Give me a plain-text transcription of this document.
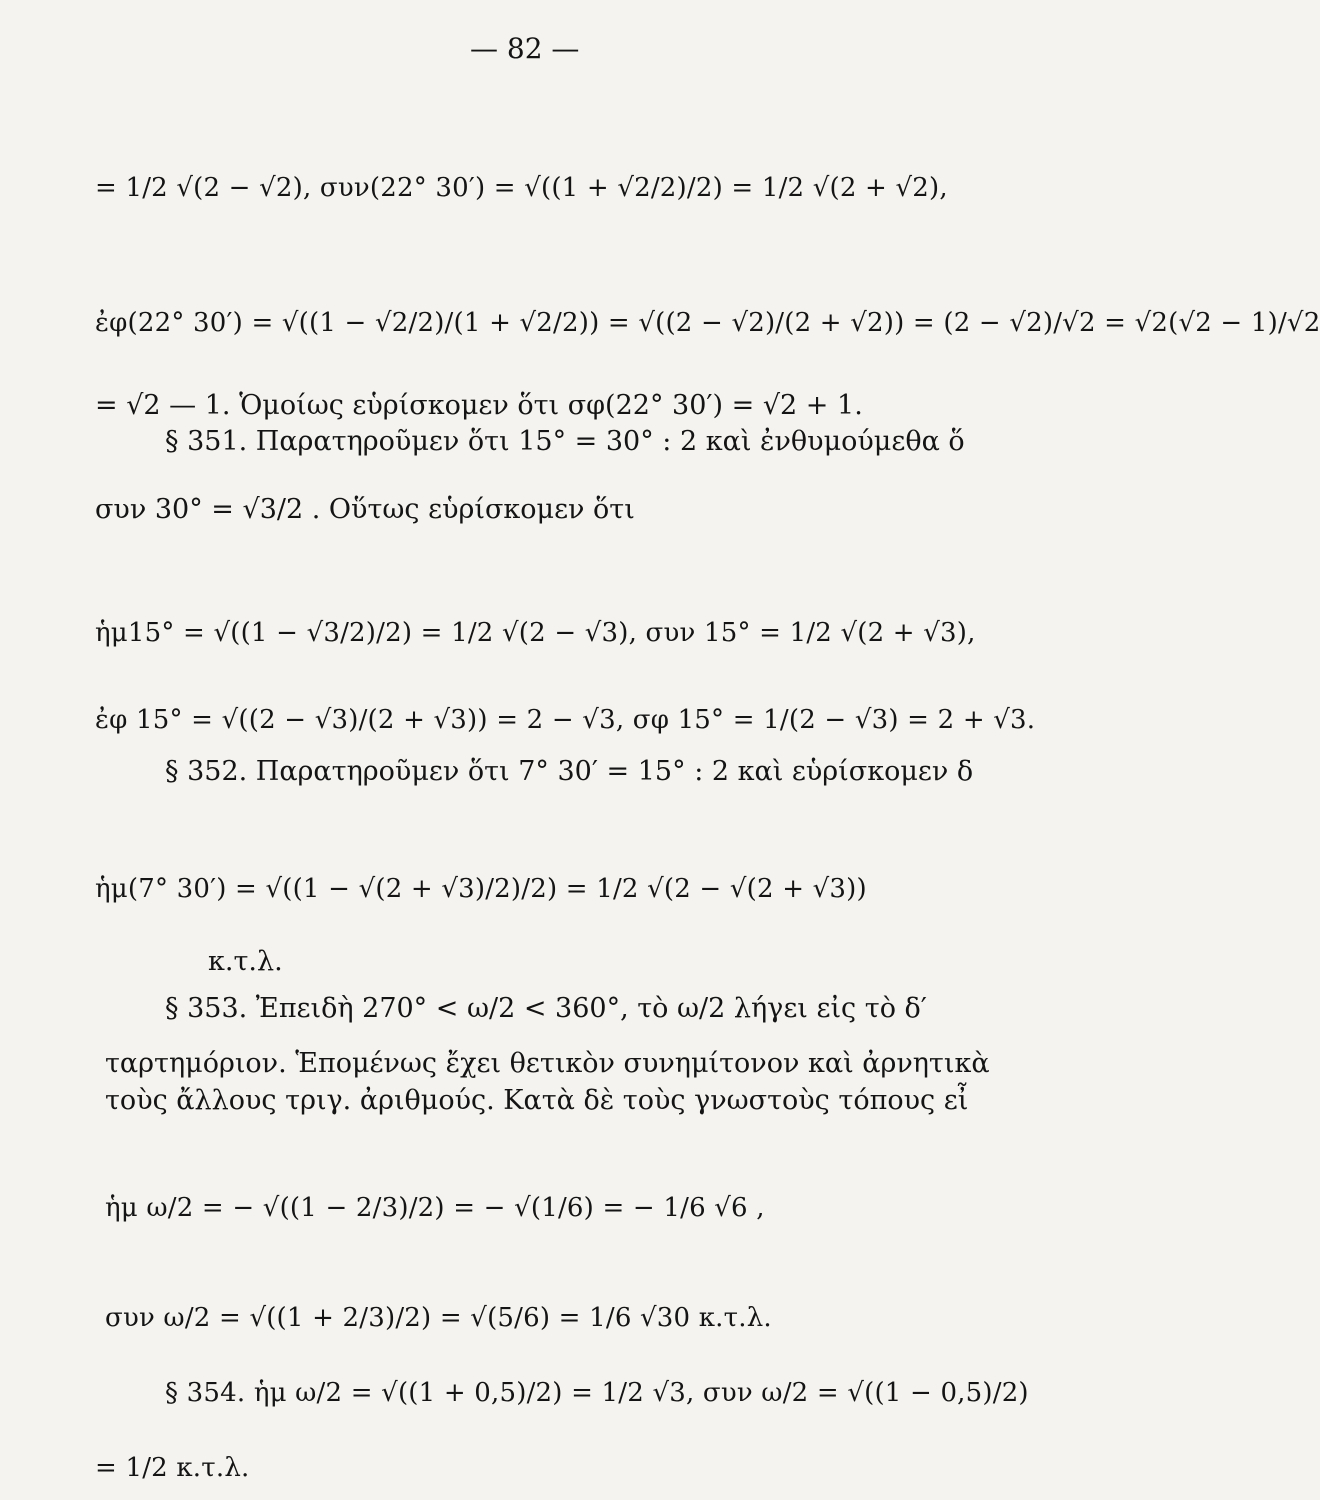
— 82 —
= 1/2 √(2 − √2), συν(22° 30′) = √((1 + √2/2)/2) = 1/2 √(2 + √2),
ἐφ(22° 30′) = √((1 − √2/2)/(1 + √2/2)) = √((2 − √2)/(2 + √2)) = (2 − √2)/√2 = √2(√2 − 1)/√2
= √2 — 1. Ὁμοίως εὑρίσκομεν ὅτι σφ(22° 30′) = √2 + 1.
§ 351. Παρατηροῦμεν ὅτι 15° = 30° : 2 καὶ ἐνθυμούμεθα ὅ
συν 30° = √3/2 . Οὕτως εὑρίσκομεν ὅτι
ἡμ15° = √((1 − √3/2)/2) = 1/2 √(2 − √3), συν 15° = 1/2 √(2 + √3),
ἐφ 15° = √((2 − √3)/(2 + √3)) = 2 − √3, σφ 15° = 1/(2 − √3) = 2 + √3.
§ 352. Παρατηροῦμεν ὅτι 7° 30′ = 15° : 2 καὶ εὑρίσκομεν δ
ἡμ(7° 30′) = √((1 − √(2 + √3)/2)/2) = 1/2 √(2 − √(2 + √3))
κ.τ.λ.
§ 353. Ἐπειδὴ 270° < ω/2 < 360°, τὸ ω/2 λήγει εἰς τὸ δ′
ταρτημόριον. Ἑπομένως ἔχει θετικὸν συνημίτονον καὶ ἀρνητικὰ
τοὺς ἄλλους τριγ. ἀριθμούς. Κατὰ δὲ τοὺς γνωστοὺς τόπους εἶ
ἡμ ω/2 = − √((1 − 2/3)/2) = − √(1/6) = − 1/6 √6 ,
συν ω/2 = √((1 + 2/3)/2) = √(5/6) = 1/6 √30 κ.τ.λ.
§ 354. ἡμ ω/2 = √((1 + 0,5)/2) = 1/2 √3, συν ω/2 = √((1 − 0,5)/2)
= 1/2 κ.τ.λ.
